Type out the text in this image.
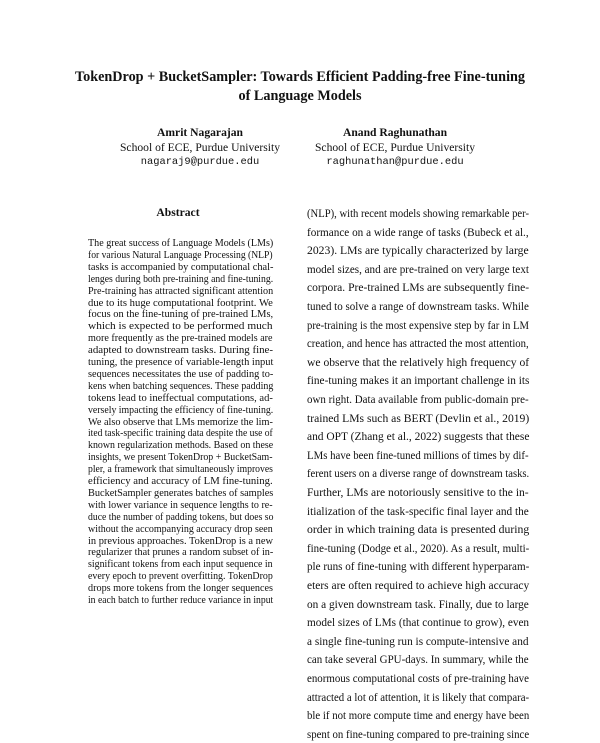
TokenDrop + BucketSampler: Towards Efficient Padding-free Fine-tuning
of Language Models
Amrit Nagarajan
School of ECE, Purdue University
nagaraj9@purdue.edu
Anand Raghunathan
School of ECE, Purdue University
raghunathan@purdue.edu
Abstract
The great success of Language Models (LMs)
for various Natural Language Processing (NLP)
tasks is accompanied by computational chal-
lenges during both pre-training and fine-tuning.
Pre-training has attracted significant attention
due to its huge computational footprint. We
focus on the fine-tuning of pre-trained LMs,
which is expected to be performed much
more frequently as the pre-trained models are
adapted to downstream tasks. During fine-
tuning, the presence of variable-length input
sequences necessitates the use of padding to-
kens when batching sequences. These padding
tokens lead to ineffectual computations, ad-
versely impacting the efficiency of fine-tuning.
We also observe that LMs memorize the lim-
ited task-specific training data despite the use of
known regularization methods. Based on these
insights, we present TokenDrop + BucketSam-
pler, a framework that simultaneously improves
efficiency and accuracy of LM fine-tuning.
BucketSampler generates batches of samples
with lower variance in sequence lengths to re-
duce the number of padding tokens, but does so
without the accompanying accuracy drop seen
in previous approaches. TokenDrop is a new
regularizer that prunes a random subset of in-
significant tokens from each input sequence in
every epoch to prevent overfitting. TokenDrop
drops more tokens from the longer sequences
in each batch to further reduce variance in input
(NLP), with recent models showing remarkable per-
formance on a wide range of tasks (Bubeck et al.,
2023). LMs are typically characterized by large
model sizes, and are pre-trained on very large text
corpora. Pre-trained LMs are subsequently fine-
tuned to solve a range of downstream tasks. While
pre-training is the most expensive step by far in LM
creation, and hence has attracted the most attention,
we observe that the relatively high frequency of
fine-tuning makes it an important challenge in its
own right. Data available from public-domain pre-
trained LMs such as BERT (Devlin et al., 2019)
and OPT (Zhang et al., 2022) suggests that these
LMs have been fine-tuned millions of times by dif-
ferent users on a diverse range of downstream tasks.
Further, LMs are notoriously sensitive to the in-
itialization of the task-specific final layer and the
order in which training data is presented during
fine-tuning (Dodge et al., 2020). As a result, multi-
ple runs of fine-tuning with different hyperparam-
eters are often required to achieve high accuracy
on a given downstream task. Finally, due to large
model sizes of LMs (that continue to grow), even
a single fine-tuning run is compute-intensive and
can take several GPU-days. In summary, while the
enormous computational costs of pre-training have
attracted a lot of attention, it is likely that compara-
ble if not more compute time and energy have been
spent on fine-tuning compared to pre-training since
